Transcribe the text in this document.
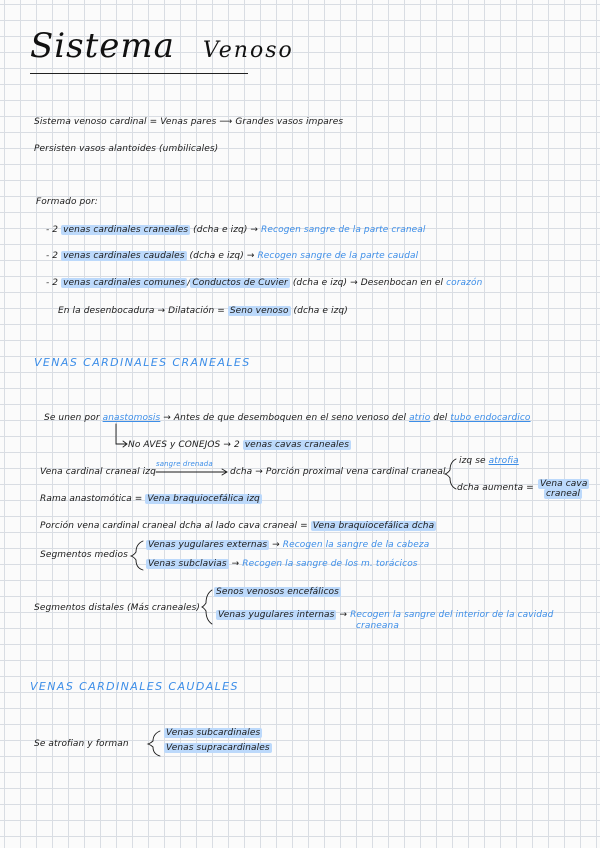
Sistema Venoso
Sistema venoso cardinal = Venas pares ⟶ Grandes vasos impares
Persisten vasos alantoides (umbilicales)
Formado por:
- 2 venas cardinales craneales (dcha e izq) → Recogen sangre de la parte craneal
- 2 venas cardinales caudales (dcha e izq) → Recogen sangre de la parte caudal
- 2 venas cardinales comunes / Conductos de Cuvier (dcha e izq) → Desenbocan en el corazón
En la desenbocadura → Dilatación = Seno venoso (dcha e izq)
VENAS CARDINALES CRANEALES
Se unen por anastomosis → Antes de que desemboquen en el seno venoso del atrio del tubo endocardico
No AVES y CONEJOS → 2 venas cavas craneales
Vena cardinal craneal izq
sangre drenada
dcha → Porción proximal vena cardinal craneal
izq se atrofia
dcha aumenta = Vena cava
craneal
Rama anastomótica = Vena braquiocefálica izq
Porción vena cardinal craneal dcha al lado cava craneal = Vena braquiocefálica dcha
Segmentos medios
Venas yugulares externas → Recogen la sangre de la cabeza
Venas subclavias → Recogen la sangre de los m. torácicos
Segmentos distales (Más craneales)
Senos venosos encefálicos
Venas yugulares internas → Recogen la sangre del interior de la cavidad
craneana
VENAS CARDINALES CAUDALES
Se atrofian y forman
Venas subcardinales
Venas supracardinales
